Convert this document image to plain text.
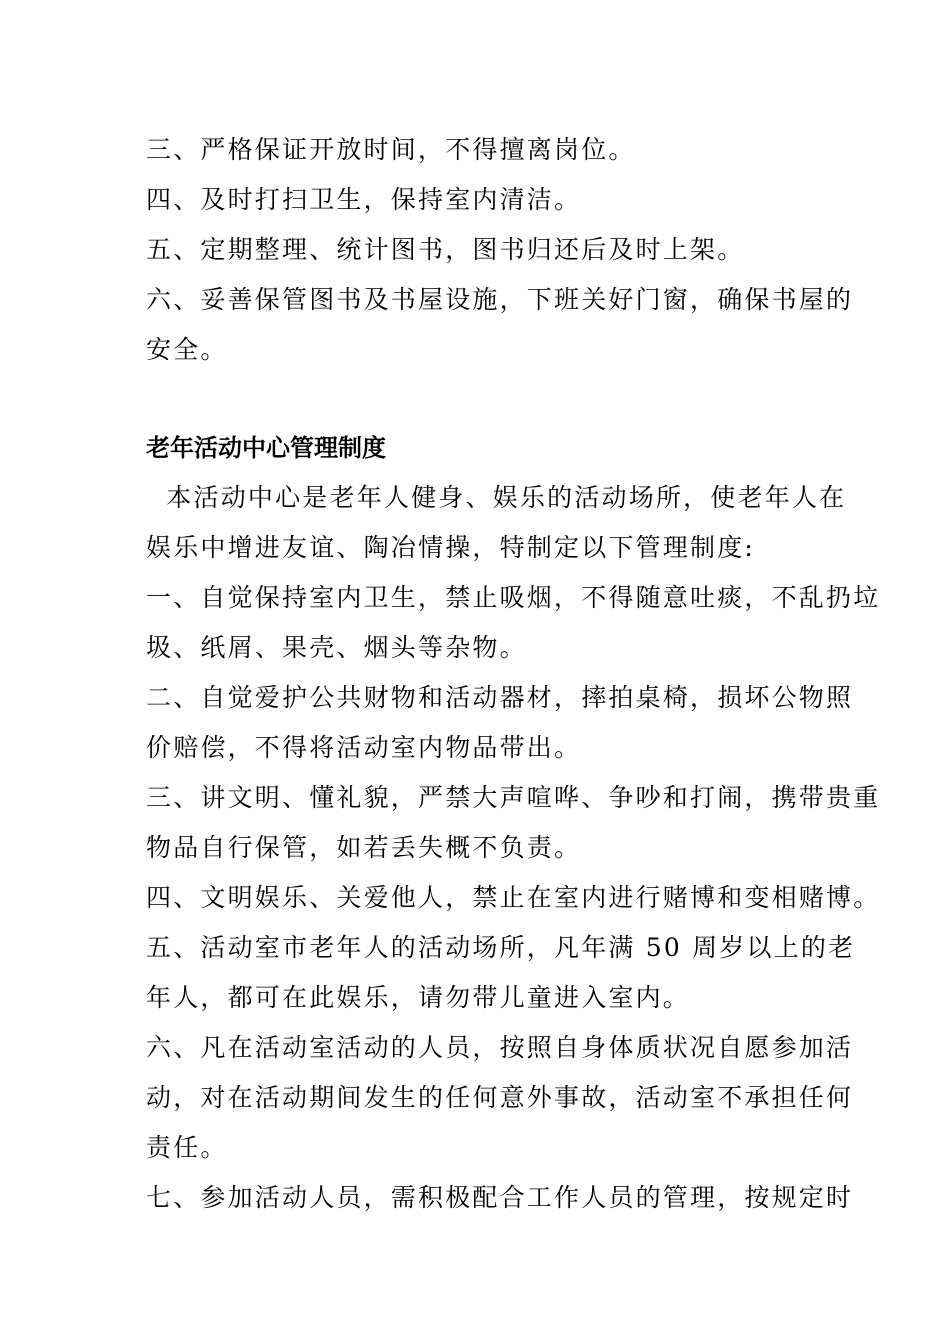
三、严格保证开放时间，不得擅离岗位。
四、及时打扫卫生，保持室内清洁。
五、定期整理、统计图书，图书归还后及时上架。
六、妥善保管图书及书屋设施，下班关好门窗，确保书屋的
安全。
老年活动中心管理制度
本活动中心是老年人健身、娱乐的活动场所，使老年人在
娱乐中增进友谊、陶冶情操，特制定以下管理制度:
一、自觉保持室内卫生，禁止吸烟，不得随意吐痰，不乱扔垃
圾、纸屑、果壳、烟头等杂物。
二、自觉爱护公共财物和活动器材，摔拍桌椅，损坏公物照
价赔偿，不得将活动室内物品带出。
三、讲文明、懂礼貌，严禁大声喧哗、争吵和打闹，携带贵重
物品自行保管，如若丢失概不负责。
四、文明娱乐、关爱他人，禁止在室内进行赌博和变相赌博。
五、活动室市老年人的活动场所，凡年满 50 周岁以上的老
年人，都可在此娱乐，请勿带儿童进入室内。
六、凡在活动室活动的人员，按照自身体质状况自愿参加活
动，对在活动期间发生的任何意外事故，活动室不承担任何
责任。
七、参加活动人员，需积极配合工作人员的管理，按规定时
